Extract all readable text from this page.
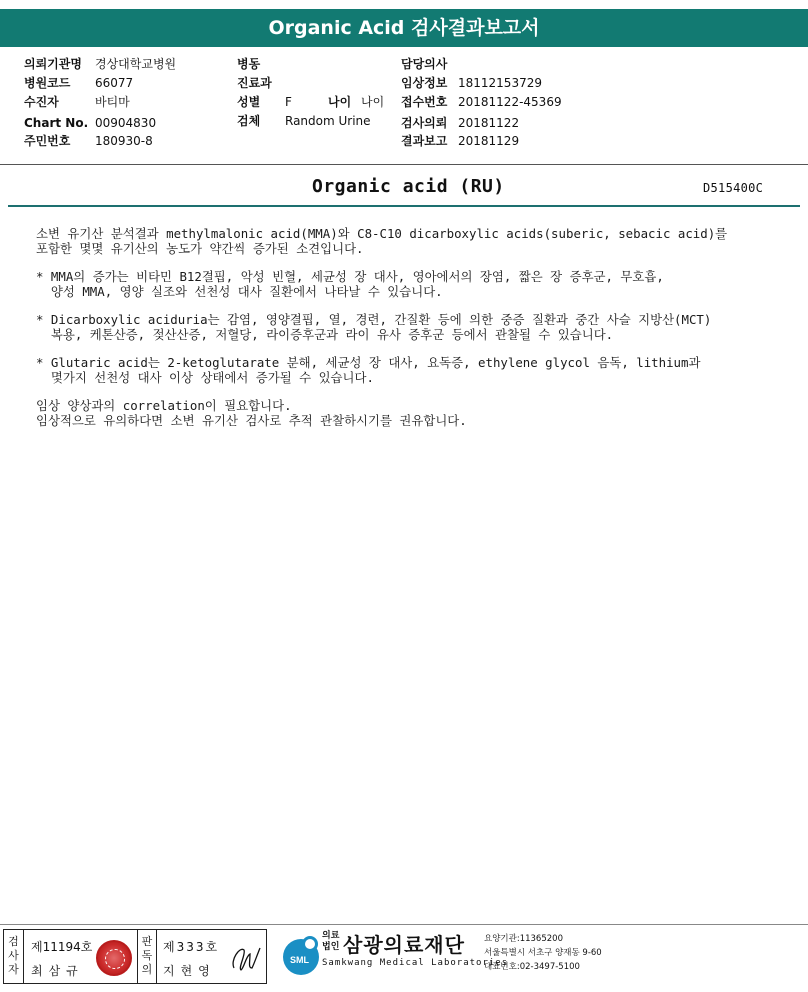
Organic Acid 검사결과보고서
의뢰기관명 경상대학교병원
병원코드 66077
수진자	바티마
Chart No. 00904830
주민번호 180930-8
병동
진료과
성별 F	나이 나이
검체 Random Urine
담당의사
임상정보 18112153729
접수번호 20181122-45369
검사의뢰 20181122
결과보고 20181129
Organic acid (RU)	D515400C
소변 유기산 분석결과 methylmalonic acid(MMA)와 C8-C10 dicarboxylic acids(suberic, sebacic acid)를
포함한 몇몇 유기산의 농도가 약간씩 증가된 소견입니다.
* MMA의 증가는 비타민 B12결핍, 악성 빈혈, 세균성 장 대사, 영아에서의 장염, 짧은 장 증후군, 무호흡,
양성 MMA, 영양 실조와 선천성 대사 질환에서 나타날 수 있습니다.
* Dicarboxylic aciduria는 감염, 영양결핍, 열, 경련, 간질환 등에 의한 중증 질환과 중간 사슬 지방산(MCT)
복용, 케톤산증, 젖산산증, 저혈당, 라이증후군과 라이 유사 증후군 등에서 관찰될 수 있습니다.
* Glutaric acid는 2-ketoglutarate 분해, 세균성 장 대사, 요독증, ethylene glycol 음독, lithium과
몇가지 선천성 대사 이상 상태에서 증가될 수 있습니다.
임상 양상과의 correlation이 필요합니다.
임상적으로 유의하다면 소변 유기산 검사로 추적 관찰하시기를 권유합니다.
검사자
제11194호
최삼규
판독의
제333호
지현영
SML
의료법인 삼광의료재단
Samkwang Medical Laboratories
요양기관:11365200
서울특별시 서초구 양재동 9-60
대표번호:02-3497-5100
